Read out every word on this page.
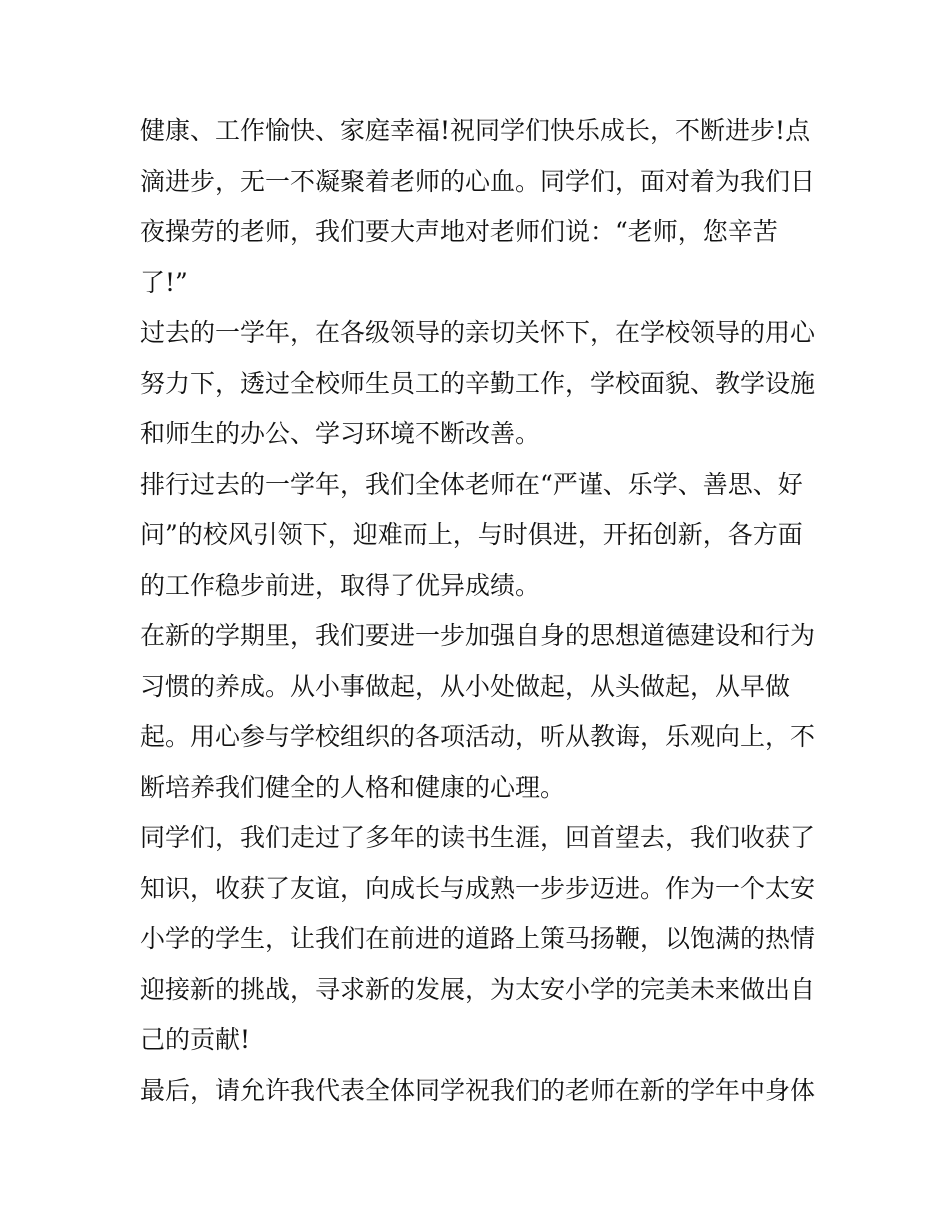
健康、工作愉快、家庭幸福!祝同学们快乐成长，不断进步!点滴进步，无一不凝聚着老师的心血。同学们，面对着为我们日夜操劳的老师，我们要大声地对老师们说：“老师，您辛苦了!”

过去的一学年，在各级领导的亲切关怀下，在学校领导的用心努力下，透过全校师生员工的辛勤工作，学校面貌、教学设施和师生的办公、学习环境不断改善。

排行过去的一学年，我们全体老师在“严谨、乐学、善思、好问”的校风引领下，迎难而上，与时俱进，开拓创新，各方面的工作稳步前进，取得了优异成绩。

在新的学期里，我们要进一步加强自身的思想道德建设和行为习惯的养成。从小事做起，从小处做起，从头做起，从早做起。用心参与学校组织的各项活动，听从教诲，乐观向上，不断培养我们健全的人格和健康的心理。

同学们，我们走过了多年的读书生涯，回首望去，我们收获了知识，收获了友谊，向成长与成熟一步步迈进。作为一个太安小学的学生，让我们在前进的道路上策马扬鞭，以饱满的热情迎接新的挑战，寻求新的发展，为太安小学的完美未来做出自己的贡献!

最后，请允许我代表全体同学祝我们的老师在新的学年中身体
